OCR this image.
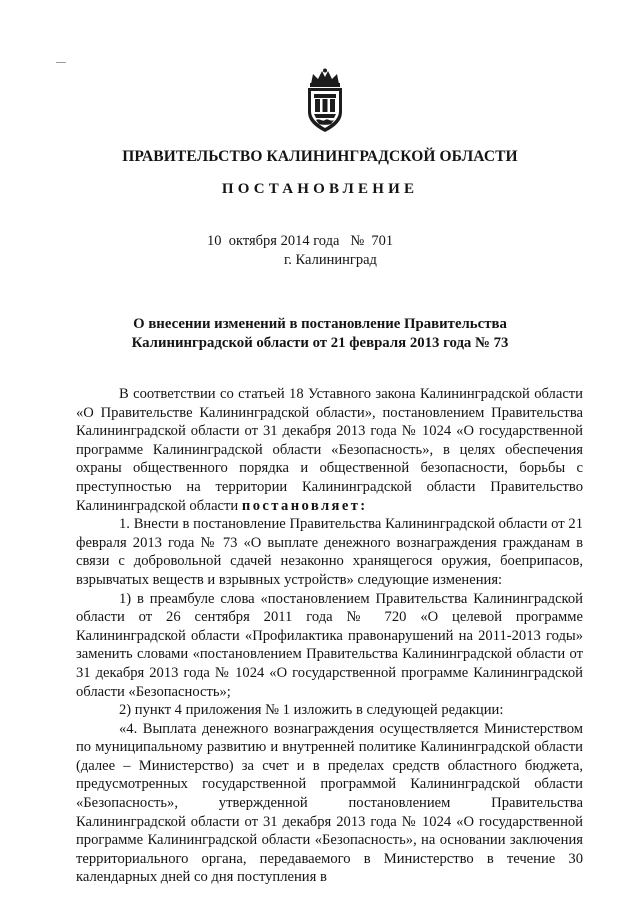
ПРАВИТЕЛЬСТВО КАЛИНИНГРАДСКОЙ ОБЛАСТИ
ПОСТАНОВЛЕНИЕ
10  октября 2014 года   №  701
г. Калининград
О внесении изменений в постановление Правительства
Калининградской области от 21 февраля 2013 года № 73

В соответствии со статьей 18 Уставного закона Калининградской области «О Правительстве Калининградской области», постановлением Правительства Калининградской области от 31 декабря 2013 года № 1024 «О государственной программе Калининградской области «Безопасность», в целях обеспечения охраны общественного порядка и общественной безопасности, борьбы с преступностью на территории Калининградской области Правительство Калининградской области постановляет:

1. Внести в постановление Правительства Калининградской области от 21 февраля 2013 года № 73 «О выплате денежного вознаграждения гражданам в связи с добровольной сдачей незаконно хранящегося оружия, боеприпасов, взрывчатых веществ и взрывных устройств» следующие изменения:

1) в преамбуле слова «постановлением Правительства Калининградской области от 26 сентября 2011 года № 720 «О целевой программе Калининградской области «Профилактика правонарушений на 2011-2013 годы» заменить словами «постановлением Правительства Калининградской области от 31 декабря 2013 года № 1024 «О государственной программе Калининградской области «Безопасность»;

2) пункт 4 приложения № 1 изложить в следующей редакции:

«4. Выплата денежного вознаграждения осуществляется Министерством по муниципальному развитию и внутренней политике Калининградской области (далее – Министерство) за счет и в пределах средств областного бюджета, предусмотренных государственной программой Калининградской области «Безопасность», утвержденной постановлением Правительства Калининградской области от 31 декабря 2013 года № 1024 «О государственной программе Калининградской области «Безопасность», на основании заключения территориального органа, передаваемого в Министерство в течение 30 календарных дней со дня поступления в
